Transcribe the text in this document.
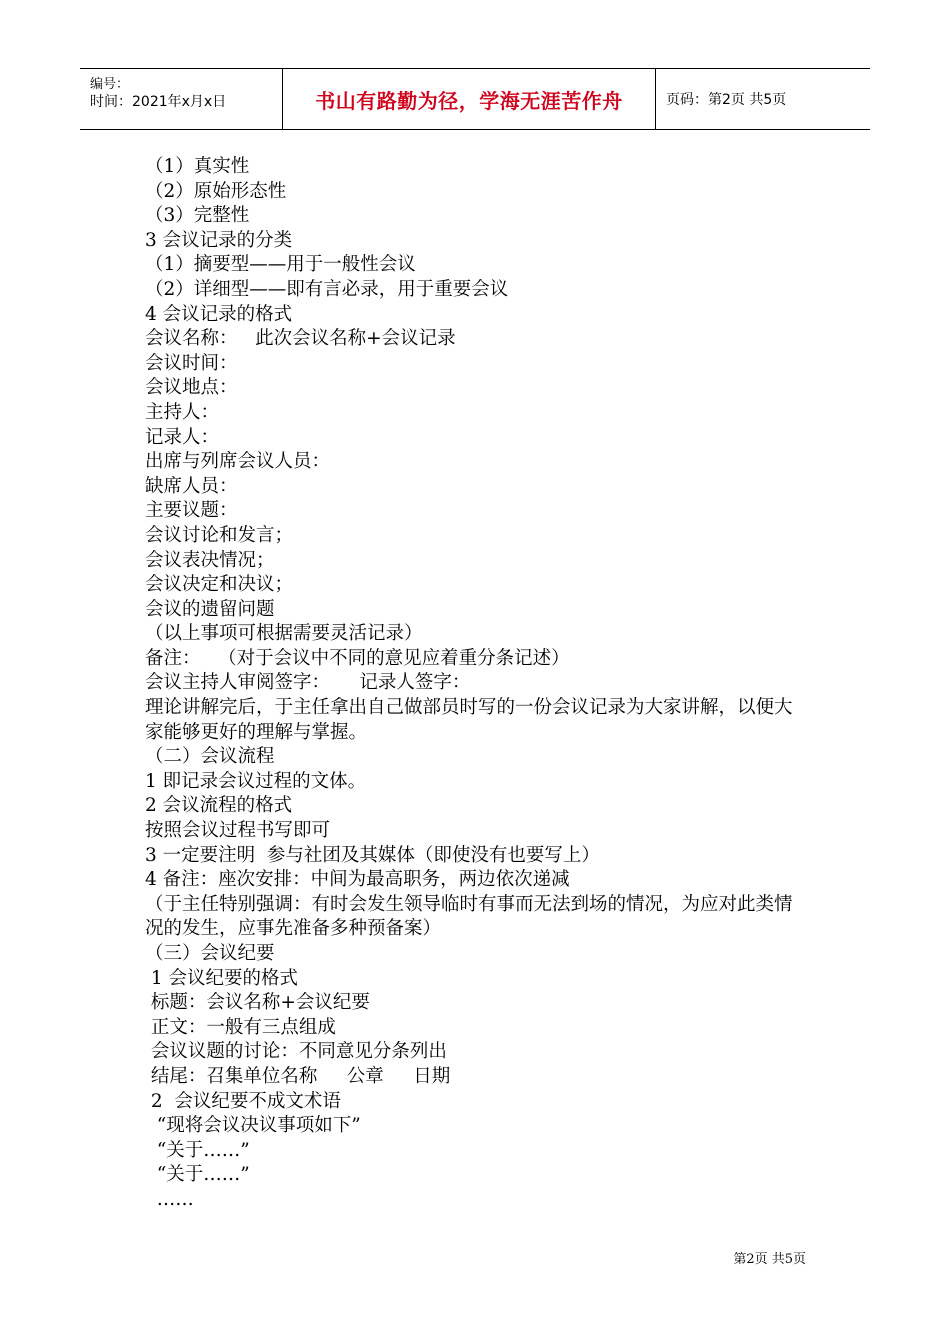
编号：
时间：2021年x月x日	书山有路勤为径，学海无涯苦作舟	页码：第2页 共5页
（1）真实性
（2）原始形态性
（3）完整性
3 会议记录的分类
（1）摘要型——用于一般性会议
（2）详细型——即有言必录，用于重要会议
4 会议记录的格式
会议名称：   此次会议名称+会议记录
会议时间：
会议地点：
主持人：
记录人：
出席与列席会议人员：
缺席人员：
主要议题：
会议讨论和发言；
会议表决情况；
会议决定和决议；
会议的遗留问题
（以上事项可根据需要灵活记录）
备注：   （对于会议中不同的意见应着重分条记述）
会议主持人审阅签字：     记录人签字：
理论讲解完后，于主任拿出自己做部员时写的一份会议记录为大家讲解，以便大家能够更好的理解与掌握。
（二）会议流程
1 即记录会议过程的文体。
2 会议流程的格式
按照会议过程书写即可
3 一定要注明  参与社团及其媒体（即使没有也要写上）
4 备注：座次安排：中间为最高职务，两边依次递减
（于主任特别强调：有时会发生领导临时有事而无法到场的情况，为应对此类情况的发生，应事先准备多种预备案）
（三）会议纪要
1 会议纪要的格式
标题：会议名称+会议纪要
正文：一般有三点组成
会议议题的讨论：不同意见分条列出
结尾：召集单位名称     公章     日期
2  会议纪要不成文术语
“现将会议决议事项如下”
“关于……”
“关于……”
……
第2页 共5页
